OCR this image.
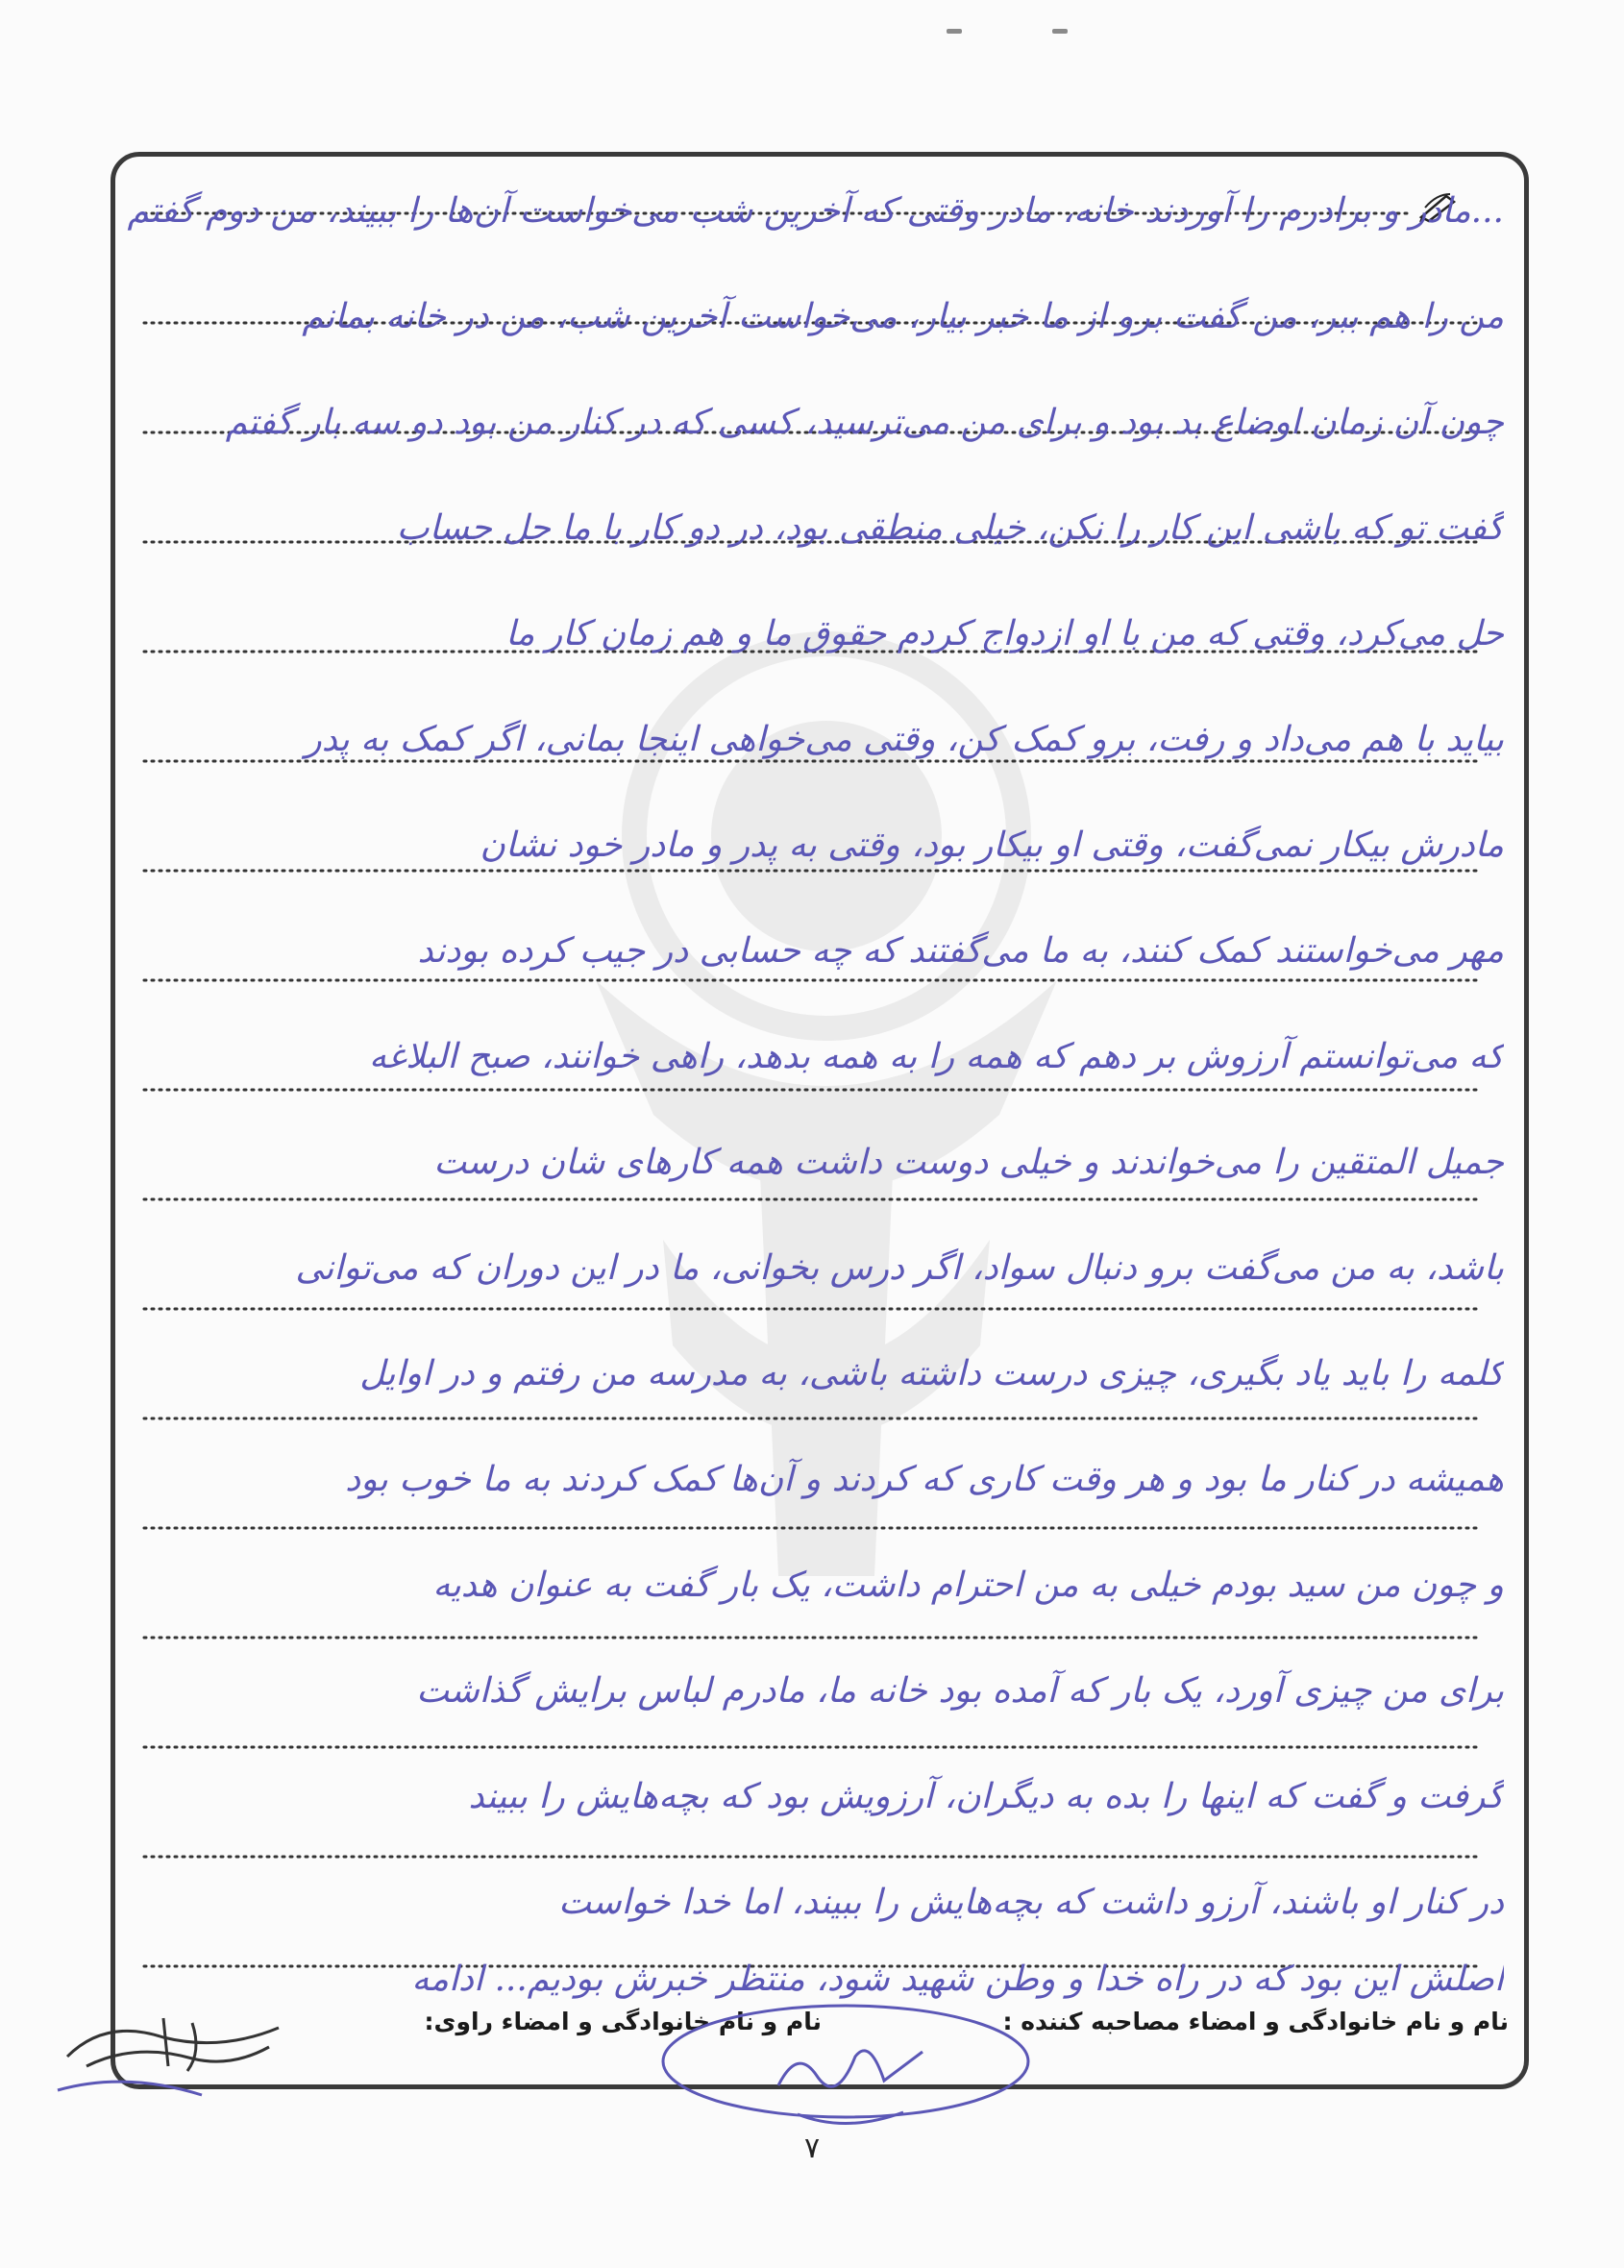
...مادر و برادرم را آوردند خانه، مادر وقتی که آخرین شب می‌خواست آن‌ها را ببیند، من دوم گفتم
من را هم ببر، من گفت برو از ما خبر بیار، می‌خواست آخرین شب، من در خانه بمانم
چون آن زمان اوضاع بد بود و برای من می‌ترسید، کسی که در کنار من بود دو سه بار گفتم
گفت تو که باشی این کار را نکن، خیلی منطقی بود، در دو کار با ما حل حساب
حل می‌کرد، وقتی که من با او ازدواج کردم حقوق ما و هم زمان کار ما
بیاید با هم می‌داد و رفت، برو کمک کن، وقتی می‌خواهی اینجا بمانی، اگر کمک به پدر
مادرش بیکار نمی‌گفت، وقتی او بیکار بود، وقتی به پدر و مادر خود نشان
مهر می‌خواستند کمک کنند، به ما می‌گفتند که چه حسابی در جیب کرده بودند
که می‌توانستم آرزوش بر دهم که همه را به همه بدهد، راهی خوانند، صبح البلاغه
جمیل المتقین را می‌خواندند و خیلی دوست داشت همه کارهای شان درست
باشد، به من می‌گفت برو دنبال سواد، اگر درس بخوانی، ما در این دوران که می‌توانی
کلمه را باید یاد بگیری، چیزی درست داشته باشی، به مدرسه من رفتم و در اوایل
همیشه در کنار ما بود و هر وقت کاری که کردند و آن‌ها کمک کردند به ما خوب بود
و چون من سید بودم خیلی به من احترام داشت، یک بار گفت به عنوان هدیه
برای من چیزی آورد، یک بار که آمده بود خانه ما، مادرم لباس برایش گذاشت
گرفت و گفت که اینها را بده به دیگران، آرزویش بود که بچه‌هایش را ببیند
در کنار او باشند، آرزو داشت که بچه‌هایش را ببیند، اما خدا خواست
اصلش این بود که در راه خدا و وطن شهید شود، منتظر خبرش بودیم... ادامه
نام و نام خانوادگی و امضاء مصاحبه کننده :
نام و نام خانوادگی و امضاء راوی:
۷
